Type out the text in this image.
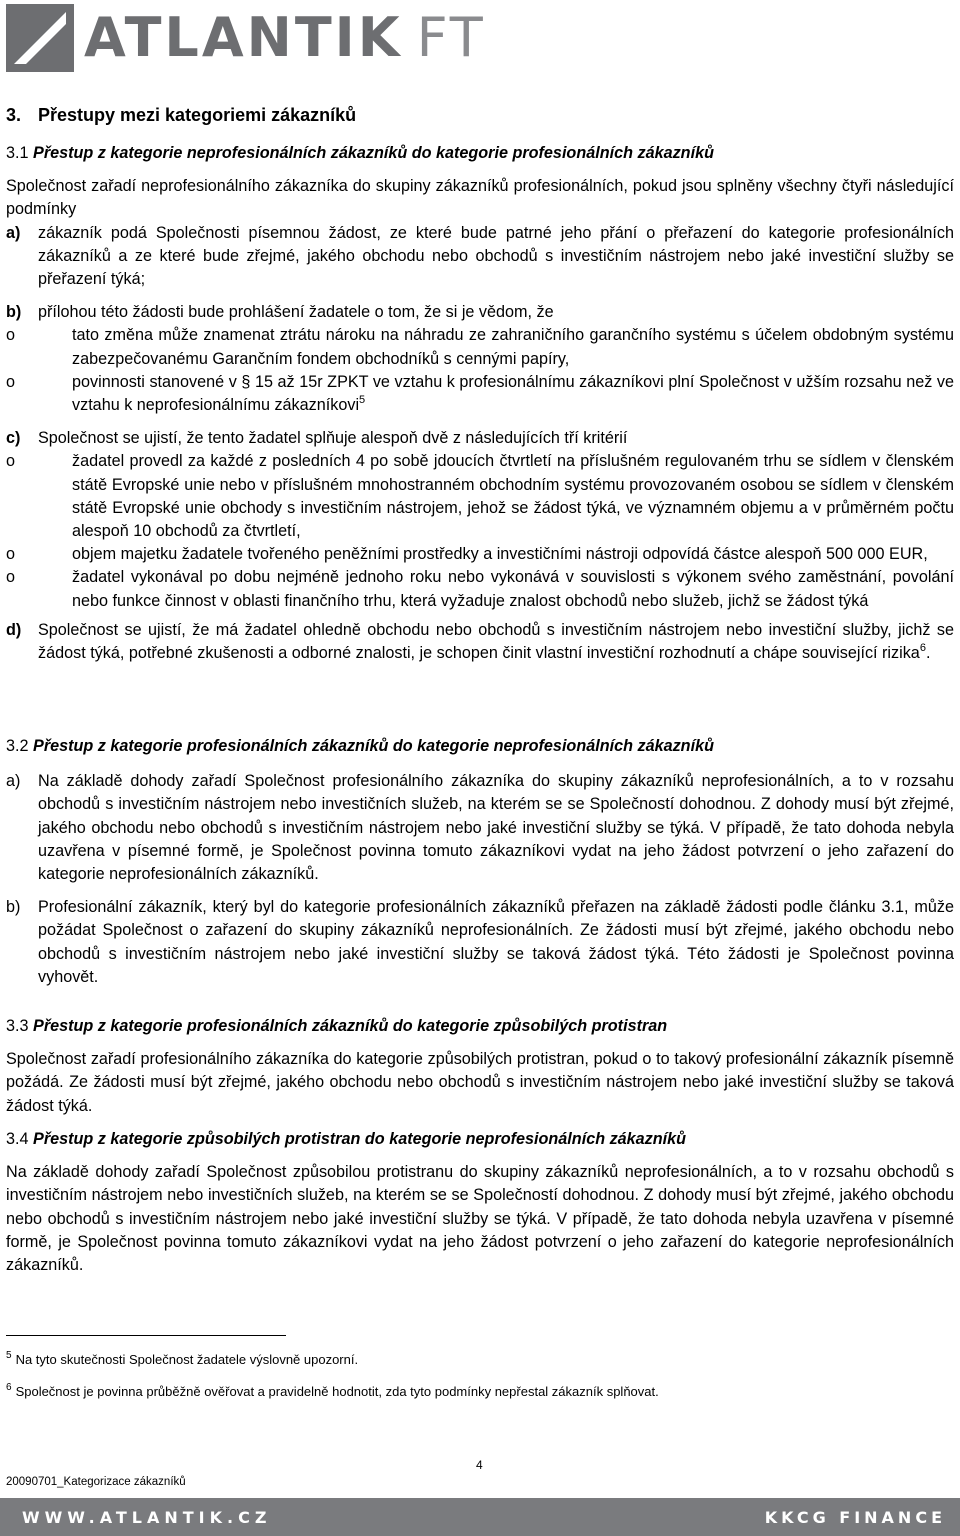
ATLANTIK FT
3. Přestupy mezi kategoriemi zákazníků

3.1 Přestup z kategorie neprofesionálních zákazníků do kategorie profesionálních zákazníků

Společnost zařadí neprofesionálního zákazníka do skupiny zákazníků profesionálních, pokud jsou splněny všechny čtyři následující podmínky

a)	zákazník podá Společnosti písemnou žádost, ze které bude patrné jeho přání o přeřazení do kategorie profesionálních zákazníků a ze které bude zřejmé, jakého obchodu nebo obchodů s investičním nástrojem nebo jaké investiční služby se přeřazení týká;
b)	přílohou této žádosti bude prohlášení žadatele o tom, že si je vědom, že
o	tato změna může znamenat ztrátu nároku na náhradu ze zahraničního garančního systému s účelem obdobným systému zabezpečovanému Garančním fondem obchodníků s cennými papíry,
o	povinnosti stanovené v § 15 až 15r ZPKT ve vztahu k profesionálnímu zákazníkovi plní Společnost v užším rozsahu než ve vztahu k neprofesionálnímu zákazníkovi$^5$
c)	Společnost se ujistí, že tento žadatel splňuje alespoň dvě z následujících tří kritérií
o	žadatel provedl za každé z posledních 4 po sobě jdoucích čtvrtletí na příslušném regulovaném trhu se sídlem v členském státě Evropské unie nebo v příslušném mnohostranném obchodním systému provozovaném osobou se sídlem v členském státě Evropské unie obchody s investičním nástrojem, jehož se žádost týká, ve významném objemu a v průměrném počtu alespoň 10 obchodů za čtvrtletí,
o	objem majetku žadatele tvořeného peněžními prostředky a investičními nástroji odpovídá částce alespoň 500 000 EUR,
o	žadatel vykonával po dobu nejméně jednoho roku nebo vykonává v souvislosti s výkonem svého zaměstnání, povolání nebo funkce činnost v oblasti finančního trhu, která vyžaduje znalost obchodů nebo služeb, jichž se žádost týká
d)	Společnost se ujistí, že má žadatel ohledně obchodu nebo obchodů s investičním nástrojem nebo investiční služby, jichž se žádost týká, potřebné zkušenosti a odborné znalosti, je schopen činit vlastní investiční rozhodnutí a chápe související rizika$^6$.

3.2 Přestup z kategorie profesionálních zákazníků do kategorie neprofesionálních zákazníků

a)	Na základě dohody zařadí Společnost profesionálního zákazníka do skupiny zákazníků neprofesionálních, a to v rozsahu obchodů s investičním nástrojem nebo investičních služeb, na kterém se se Společností dohodnou. Z dohody musí být zřejmé, jakého obchodu nebo obchodů s investičním nástrojem nebo jaké investiční služby se týká. V případě, že tato dohoda nebyla uzavřena v písemné formě, je Společnost povinna tomuto zákazníkovi vydat na jeho žádost potvrzení o jeho zařazení do kategorie neprofesionálních zákazníků.
b)	Profesionální zákazník, který byl do kategorie profesionálních zákazníků přeřazen na základě žádosti podle článku 3.1, může požádat Společnost o zařazení do skupiny zákazníků neprofesionálních. Ze žádosti musí být zřejmé, jakého obchodu nebo obchodů s investičním nástrojem nebo jaké investiční služby se taková žádost týká. Této žádosti je Společnost povinna vyhovět.

3.3 Přestup z kategorie profesionálních zákazníků do kategorie způsobilých protistran

Společnost zařadí profesionálního zákazníka do kategorie způsobilých protistran, pokud o to takový profesionální zákazník písemně požádá. Ze žádosti musí být zřejmé, jakého obchodu nebo obchodů s investičním nástrojem nebo jaké investiční služby se taková žádost týká.

3.4 Přestup z kategorie způsobilých protistran do kategorie neprofesionálních zákazníků

Na základě dohody zařadí Společnost způsobilou protistranu do skupiny zákazníků neprofesionálních, a to v rozsahu obchodů s investičním nástrojem nebo investičních služeb, na kterém se se Společností dohodnou. Z dohody musí být zřejmé, jakého obchodu nebo obchodů s investičním nástrojem nebo jaké investiční služby se týká. V případě, že tato dohoda nebyla uzavřena v písemné formě, je Společnost povinna tomuto zákazníkovi vydat na jeho žádost potvrzení o jeho zařazení do kategorie neprofesionálních zákazníků.

$^5$ Na tyto skutečnosti Společnost žadatele výslovně upozorní.
$^6$ Společnost je povinna průběžně ověřovat a pravidelně hodnotit, zda tyto podmínky nepřestal zákazník splňovat.
4
20090701_Kategorizace zákazníků
WWW.ATLANTIK.CZ	KKCG FINANCE
